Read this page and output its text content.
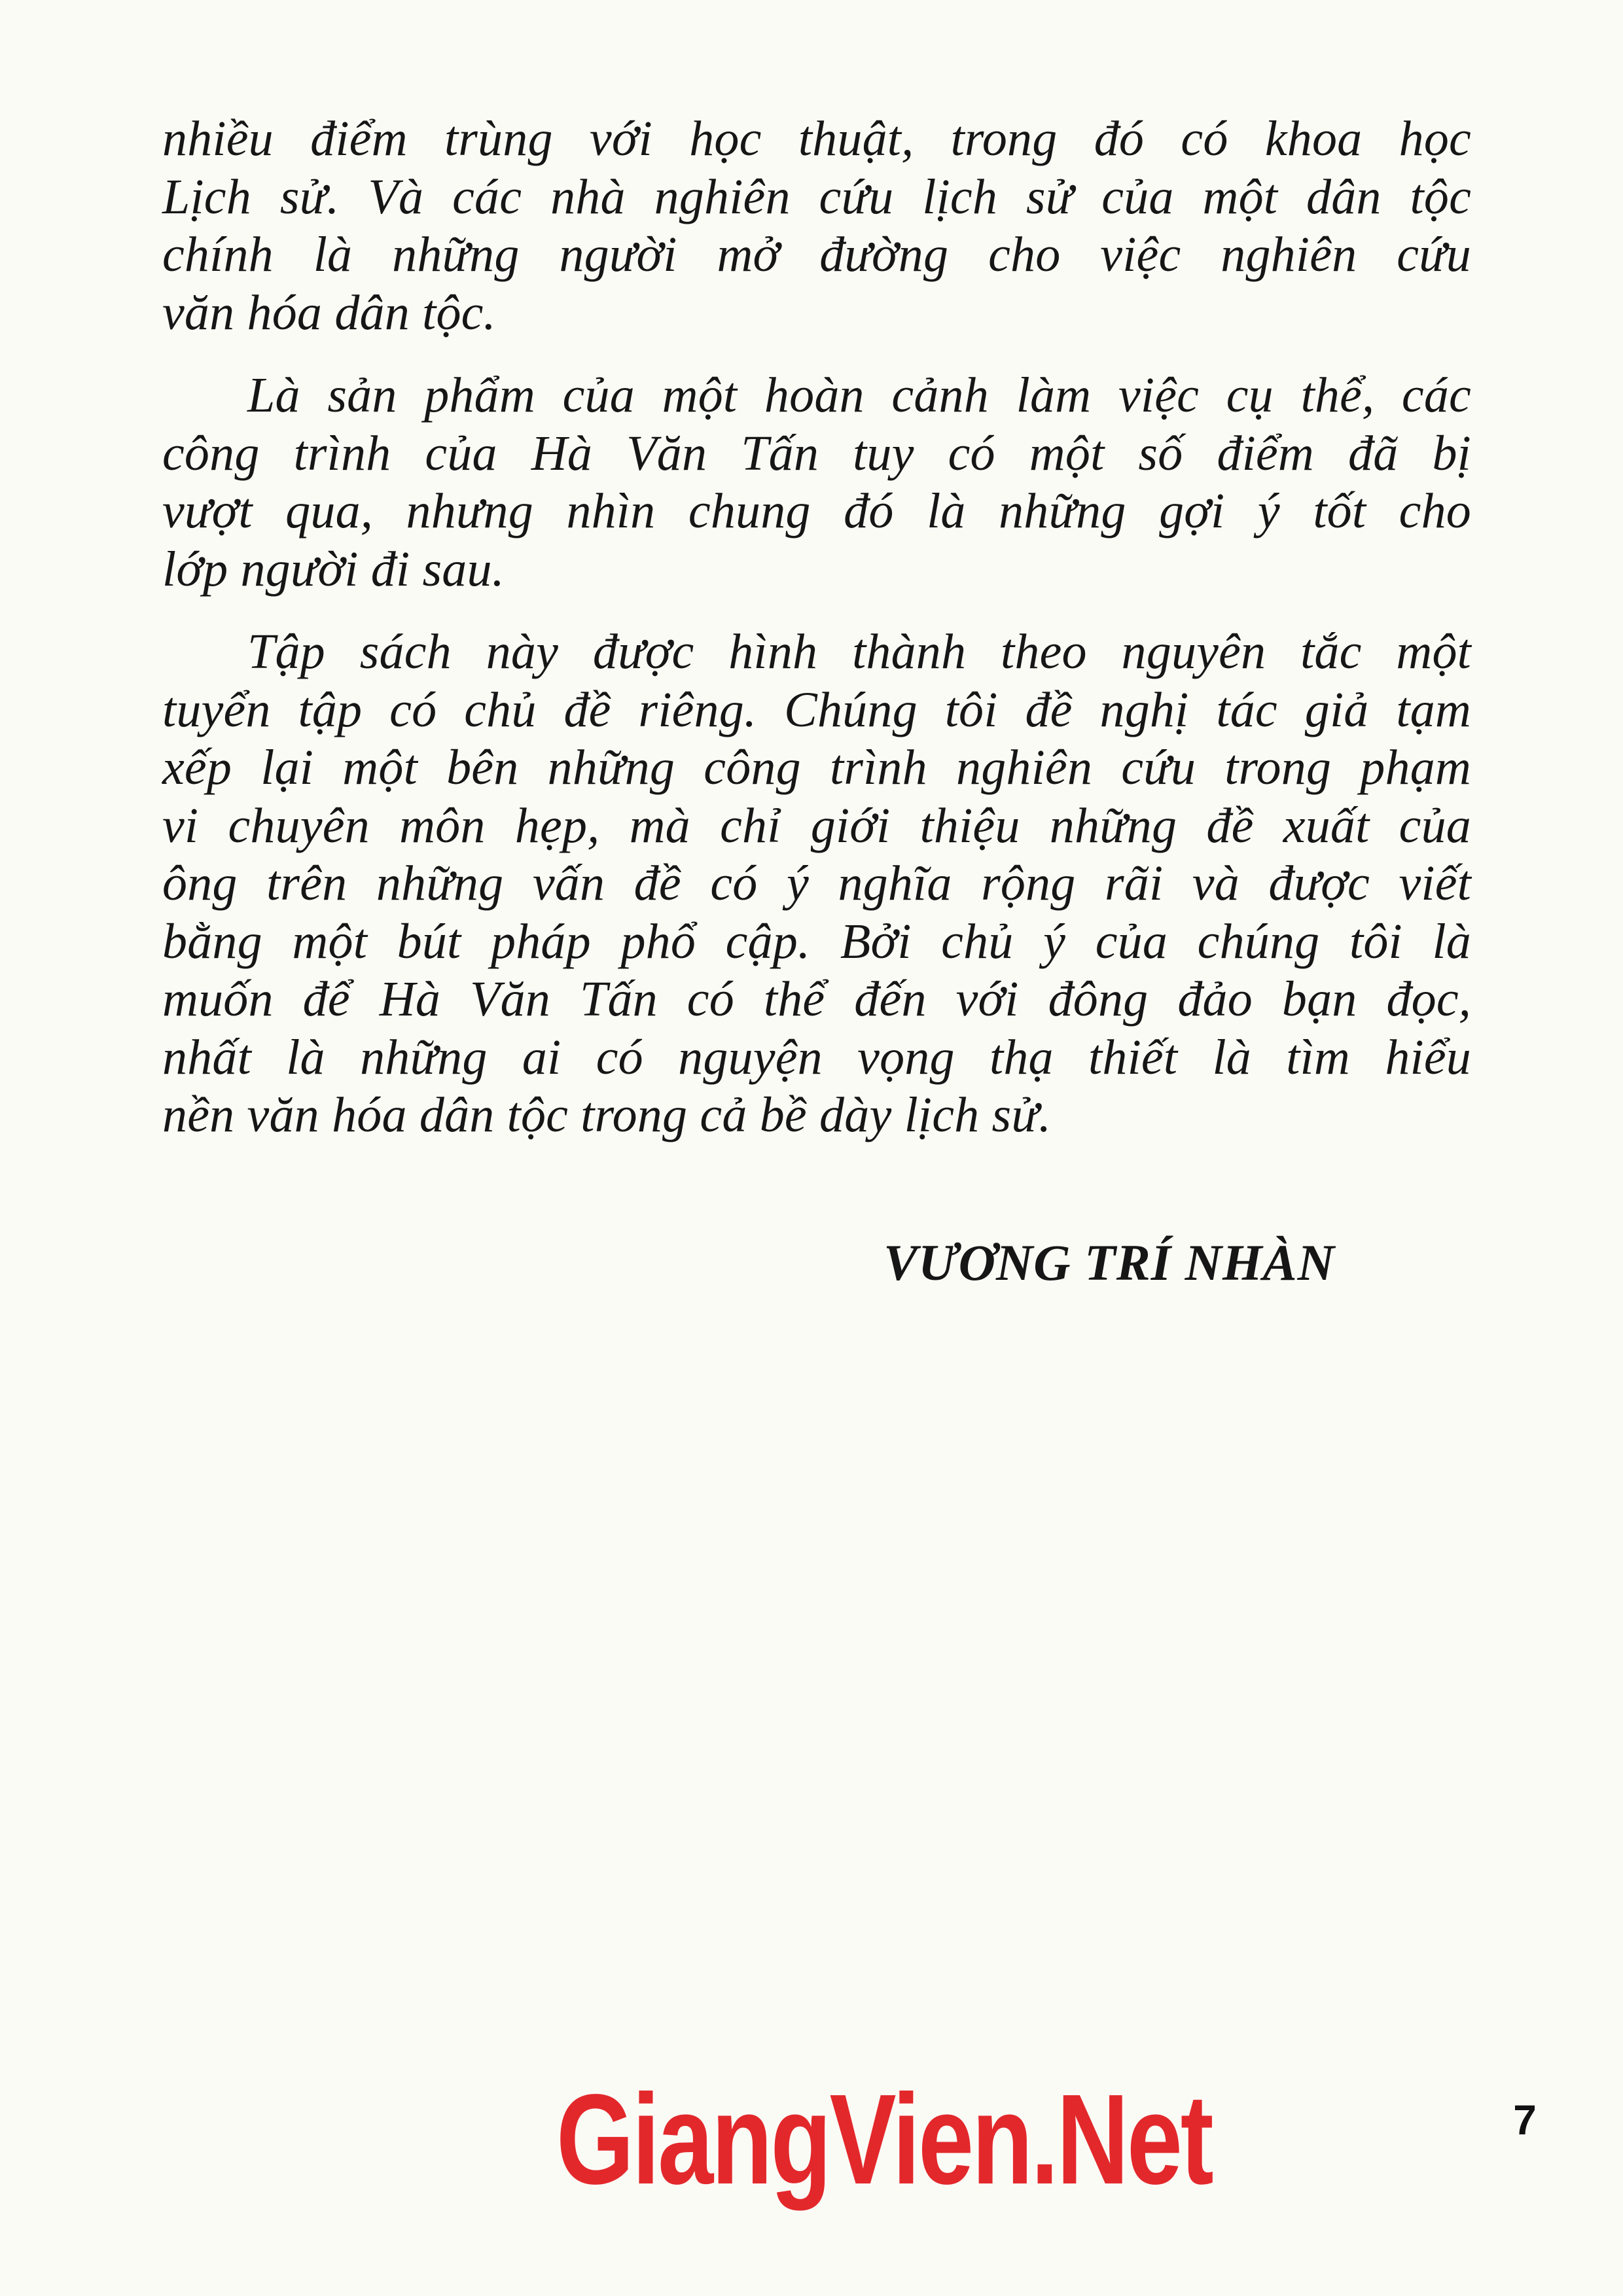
nhiều điểm trùng với học thuật, trong đó có khoa học
Lịch sử. Và các nhà nghiên cứu lịch sử của một dân tộc
chính là những người mở đường cho việc nghiên cứu
văn hóa dân tộc.
Là sản phẩm của một hoàn cảnh làm việc cụ thể, các
công trình của Hà Văn Tấn tuy có một số điểm đã bị
vượt qua, nhưng nhìn chung đó là những gợi ý tốt cho
lớp người đi sau.
Tập sách này được hình thành theo nguyên tắc một
tuyển tập có chủ đề riêng. Chúng tôi đề nghị tác giả tạm
xếp lại một bên những công trình nghiên cứu trong phạm
vi chuyên môn hẹp, mà chỉ giới thiệu những đề xuất của
ông trên những vấn đề có ý nghĩa rộng rãi và được viết
bằng một bút pháp phổ cập. Bởi chủ ý của chúng tôi là
muốn để Hà Văn Tấn có thể đến với đông đảo bạn đọc,
nhất là những ai có nguyện vọng thạ thiết là tìm hiểu
nền văn hóa dân tộc trong cả bề dày lịch sử.
VƯƠNG TRÍ NHÀN
GiangVien.Net	7
